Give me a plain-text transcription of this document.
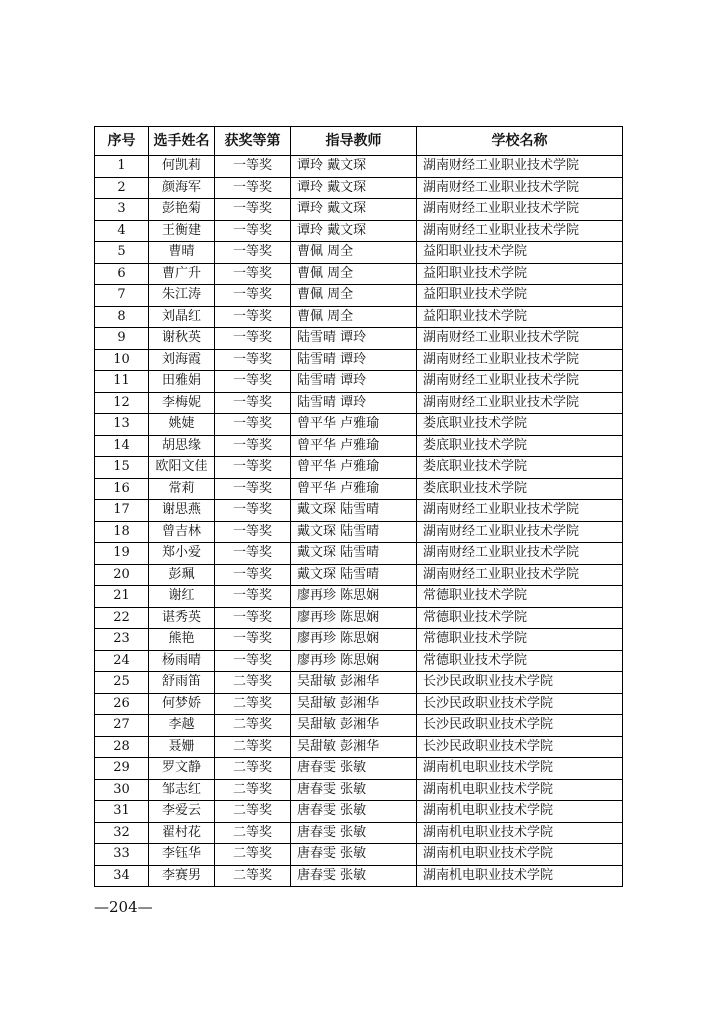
序号	选手姓名	获奖等第	指导教师	学校名称
1	何凯莉	一等奖	谭玲 戴文琛	湖南财经工业职业技术学院
2	颜海军	一等奖	谭玲 戴文琛	湖南财经工业职业技术学院
3	彭艳菊	一等奖	谭玲 戴文琛	湖南财经工业职业技术学院
4	王衡建	一等奖	谭玲 戴文琛	湖南财经工业职业技术学院
5	曹晴	一等奖	曹佩 周全	益阳职业技术学院
6	曹广升	一等奖	曹佩 周全	益阳职业技术学院
7	朱江涛	一等奖	曹佩 周全	益阳职业技术学院
8	刘晶红	一等奖	曹佩 周全	益阳职业技术学院
9	谢秋英	一等奖	陆雪晴 谭玲	湖南财经工业职业技术学院
10	刘海霞	一等奖	陆雪晴 谭玲	湖南财经工业职业技术学院
11	田雅娟	一等奖	陆雪晴 谭玲	湖南财经工业职业技术学院
12	李梅妮	一等奖	陆雪晴 谭玲	湖南财经工业职业技术学院
13	姚婕	一等奖	曾平华 卢雅瑜	娄底职业技术学院
14	胡思缘	一等奖	曾平华 卢雅瑜	娄底职业技术学院
15	欧阳文佳	一等奖	曾平华 卢雅瑜	娄底职业技术学院
16	常莉	一等奖	曾平华 卢雅瑜	娄底职业技术学院
17	谢思燕	一等奖	戴文琛 陆雪晴	湖南财经工业职业技术学院
18	曾吉林	一等奖	戴文琛 陆雪晴	湖南财经工业职业技术学院
19	郑小爱	一等奖	戴文琛 陆雪晴	湖南财经工业职业技术学院
20	彭珮	一等奖	戴文琛 陆雪晴	湖南财经工业职业技术学院
21	谢红	一等奖	廖再珍 陈思娴	常德职业技术学院
22	谌秀英	一等奖	廖再珍 陈思娴	常德职业技术学院
23	熊艳	一等奖	廖再珍 陈思娴	常德职业技术学院
24	杨雨晴	一等奖	廖再珍 陈思娴	常德职业技术学院
25	舒雨笛	二等奖	吴甜敏 彭湘华	长沙民政职业技术学院
26	何梦娇	二等奖	吴甜敏 彭湘华	长沙民政职业技术学院
27	李越	二等奖	吴甜敏 彭湘华	长沙民政职业技术学院
28	聂姗	二等奖	吴甜敏 彭湘华	长沙民政职业技术学院
29	罗文静	二等奖	唐春雯 张敏	湖南机电职业技术学院
30	邹志红	二等奖	唐春雯 张敏	湖南机电职业技术学院
31	李爱云	二等奖	唐春雯 张敏	湖南机电职业技术学院
32	翟村花	二等奖	唐春雯 张敏	湖南机电职业技术学院
33	李钰华	二等奖	唐春雯 张敏	湖南机电职业技术学院
34	李赛男	二等奖	唐春雯 张敏	湖南机电职业技术学院
—204—
